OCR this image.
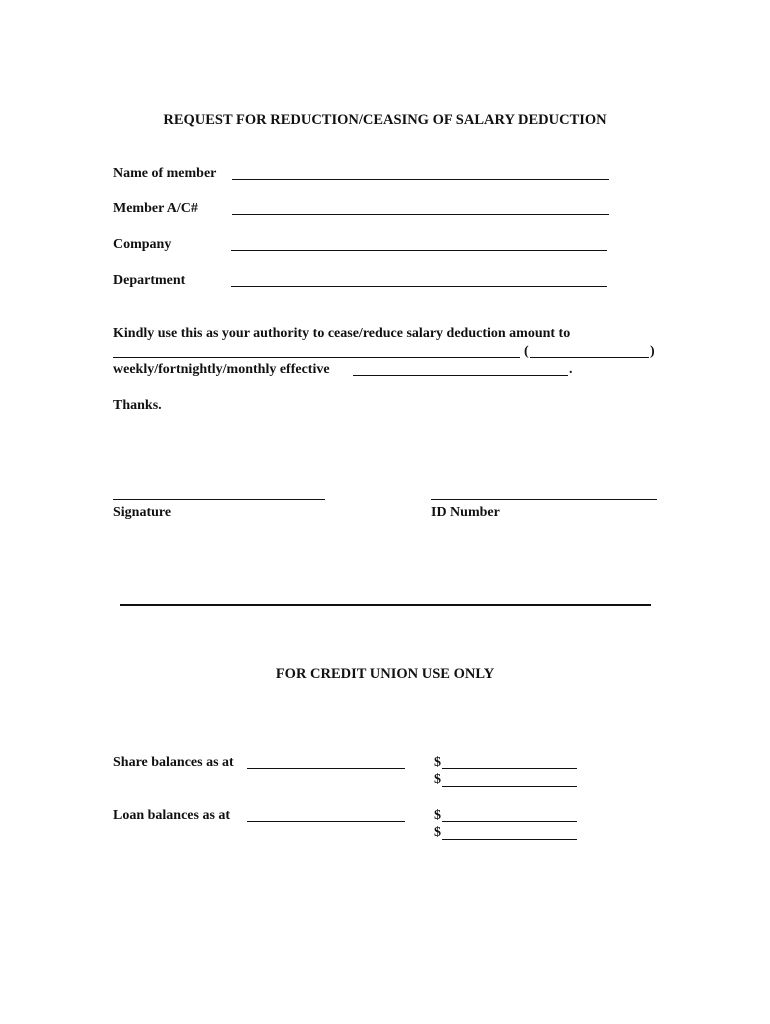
REQUEST FOR REDUCTION/CEASING OF SALARY DEDUCTION
Name of member
Member A/C#
Company
Department
Kindly use this as your authority to cease/reduce salary deduction amount to
(	)
weekly/fortnightly/monthly effective	.
Thanks.
Signature	ID Number
FOR CREDIT UNION USE ONLY
Share balances as at	$
$
Loan balances as at	$
$
